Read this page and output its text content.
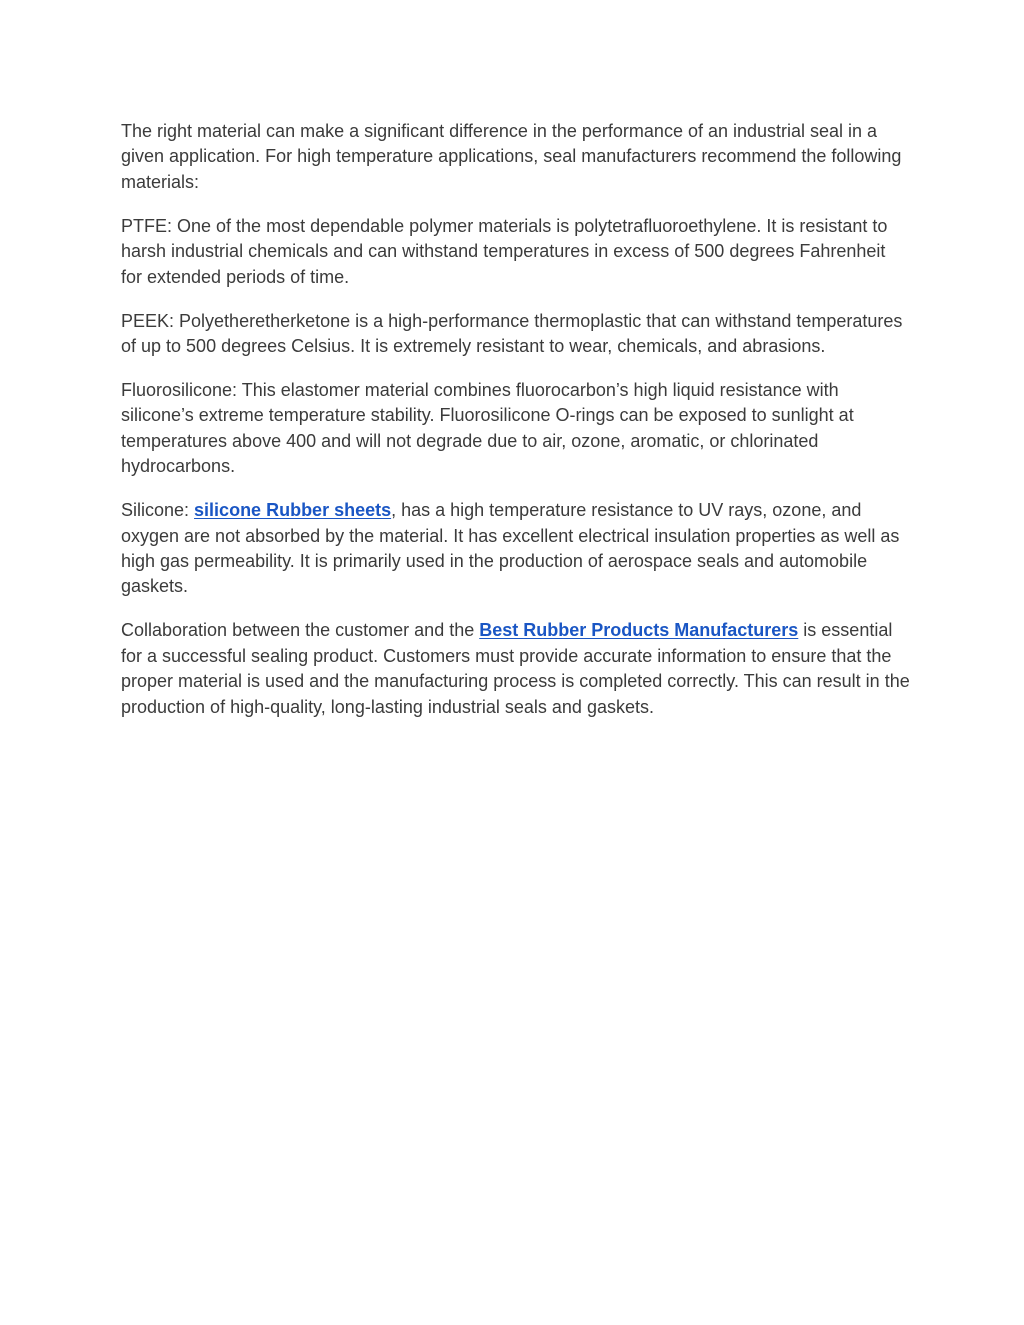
The right material can make a significant difference in the performance of an industrial seal in a given application. For high temperature applications, seal manufacturers recommend the following materials:

PTFE: One of the most dependable polymer materials is polytetrafluoroethylene. It is resistant to harsh industrial chemicals and can withstand temperatures in excess of 500 degrees Fahrenheit for extended periods of time.

PEEK: Polyetheretherketone is a high-performance thermoplastic that can withstand temperatures of up to 500 degrees Celsius. It is extremely resistant to wear, chemicals, and abrasions.

Fluorosilicone: This elastomer material combines fluorocarbon’s high liquid resistance with silicone’s extreme temperature stability. Fluorosilicone O-rings can be exposed to sunlight at temperatures above 400 and will not degrade due to air, ozone, aromatic, or chlorinated hydrocarbons.

Silicone: silicone Rubber sheets, has a high temperature resistance to UV rays, ozone, and oxygen are not absorbed by the material. It has excellent electrical insulation properties as well as high gas permeability. It is primarily used in the production of aerospace seals and automobile gaskets.

Collaboration between the customer and the Best Rubber Products Manufacturers is essential for a successful sealing product. Customers must provide accurate information to ensure that the proper material is used and the manufacturing process is completed correctly. This can result in the production of high-quality, long-lasting industrial seals and gaskets.
